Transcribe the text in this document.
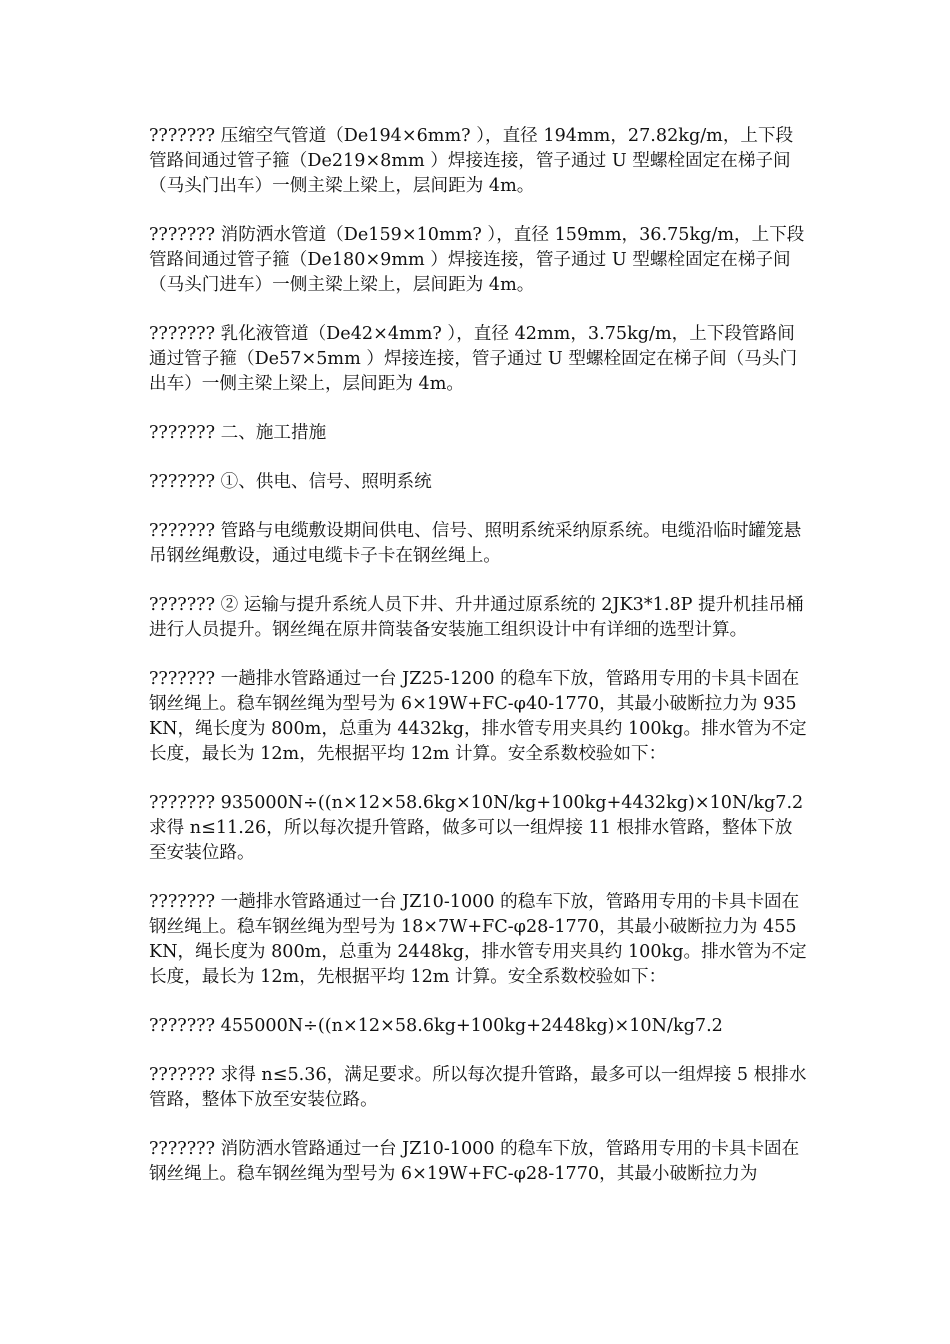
??????? 压缩空气管道（De194×6mm? ），直径 194mm，27.82kg/m，上下段管路间通过管子箍（De219×8mm ）焊接连接，管子通过 U 型螺栓固定在梯子间（马头门出车）一侧主梁上梁上，层间距为 4m。

??????? 消防洒水管道（De159×10mm? ），直径 159mm，36.75kg/m，上下段管路间通过管子箍（De180×9mm ）焊接连接，管子通过 U 型螺栓固定在梯子间（马头门进车）一侧主梁上梁上，层间距为 4m。

??????? 乳化液管道（De42×4mm? ），直径 42mm，3.75kg/m，上下段管路间通过管子箍（De57×5mm ）焊接连接，管子通过 U 型螺栓固定在梯子间（马头门出车）一侧主梁上梁上，层间距为 4m。

??????? 二、施工措施

??????? ①、供电、信号、照明系统

??????? 管路与电缆敷设期间供电、信号、照明系统采纳原系统。电缆沿临时罐笼悬吊钢丝绳敷设，通过电缆卡子卡在钢丝绳上。

??????? ② 运输与提升系统人员下井、升井通过原系统的 2JK3*1.8P 提升机挂吊桶进行人员提升。钢丝绳在原井筒装备安装施工组织设计中有详细的选型计算。

??????? 一趟排水管路通过一台 JZ25-1200 的稳车下放，管路用专用的卡具卡固在钢丝绳上。稳车钢丝绳为型号为 6×19W+FC-φ40-1770，其最小破断拉力为 935KN，绳长度为 800m，总重为 4432kg，排水管专用夹具约 100kg。排水管为不定长度，最长为 12m，先根据平均 12m 计算。安全系数校验如下：

??????? 935000N÷((n×12×58.6kg×10N/kg+100kg+4432kg)×10N/kg7.2 求得 n≤11.26，所以每次提升管路，做多可以一组焊接 11 根排水管路，整体下放至安装位路。

??????? 一趟排水管路通过一台 JZ10-1000 的稳车下放，管路用专用的卡具卡固在钢丝绳上。稳车钢丝绳为型号为 18×7W+FC-φ28-1770，其最小破断拉力为 455KN，绳长度为 800m，总重为 2448kg，排水管专用夹具约 100kg。排水管为不定长度，最长为 12m，先根据平均 12m 计算。安全系数校验如下：

??????? 455000N÷((n×12×58.6kg+100kg+2448kg)×10N/kg7.2

??????? 求得 n≤5.36，满足要求。所以每次提升管路，最多可以一组焊接 5 根排水管路，整体下放至安装位路。

??????? 消防洒水管路通过一台 JZ10-1000 的稳车下放，管路用专用的卡具卡固在钢丝绳上。稳车钢丝绳为型号为 6×19W+FC-φ28-1770，其最小破断拉力为
